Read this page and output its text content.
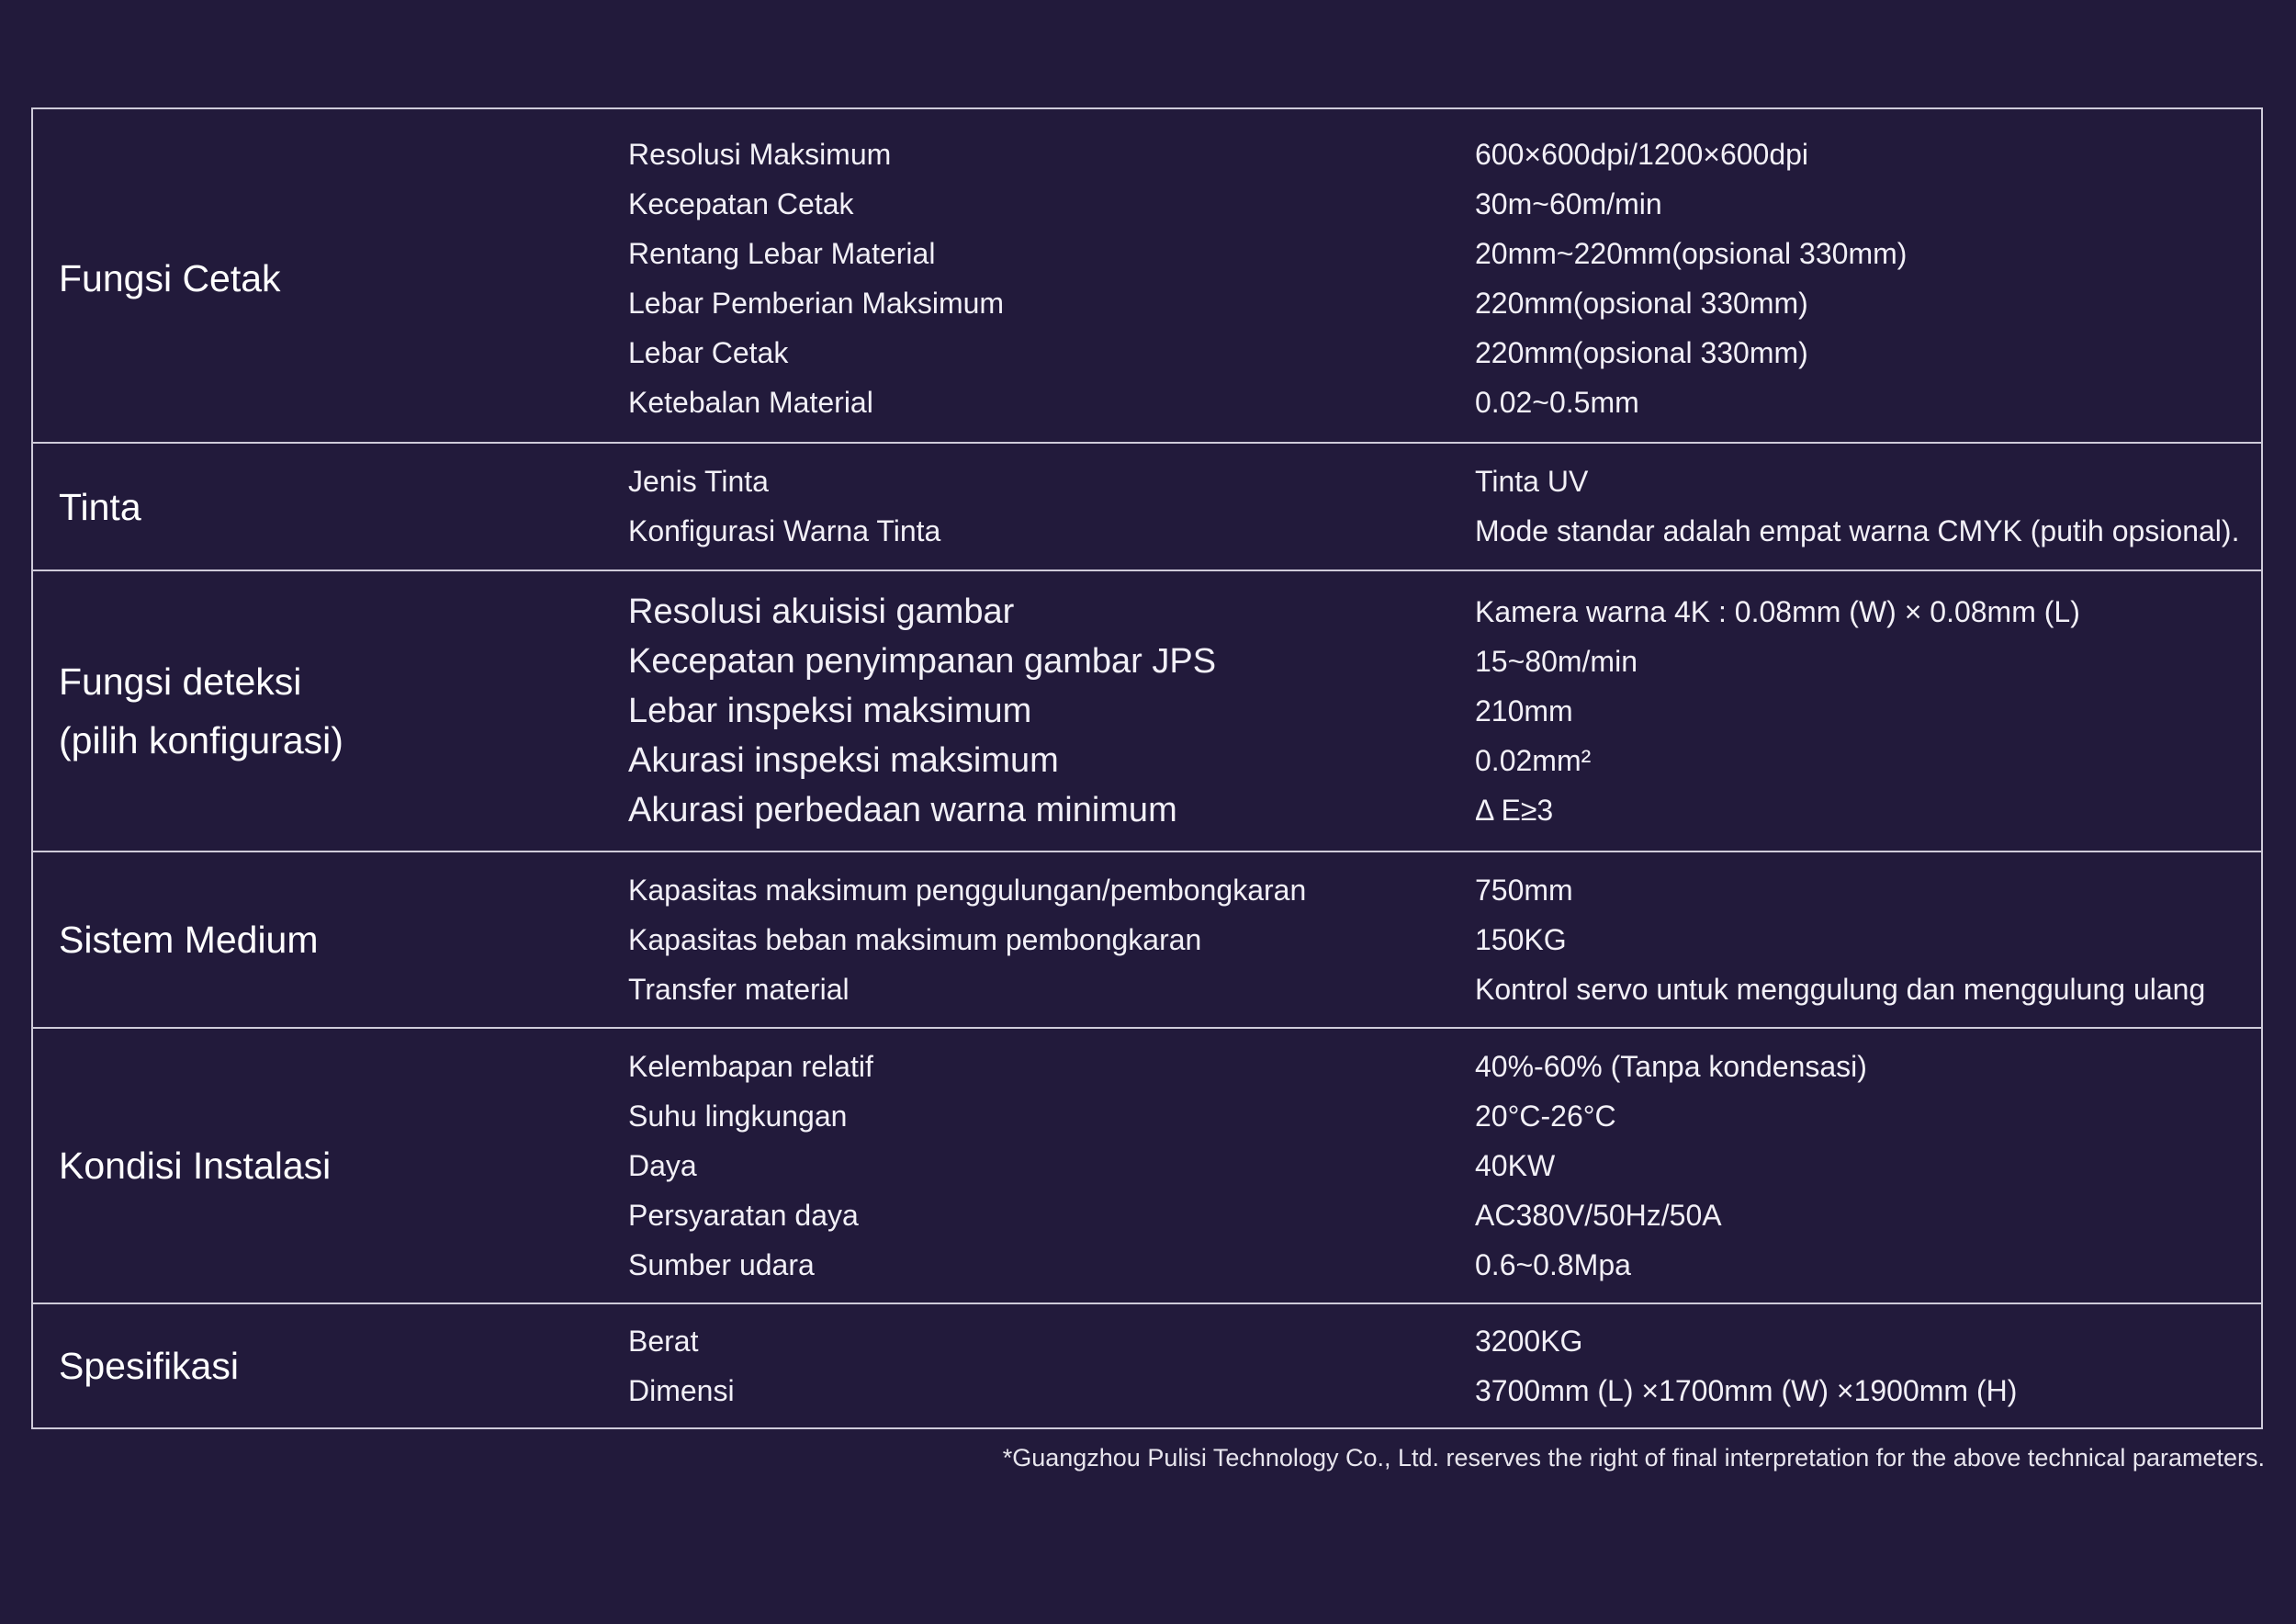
Fungsi Cetak
Resolusi Maksimum	600×600dpi/1200×600dpi
Kecepatan Cetak	30m~60m/min
Rentang Lebar Material	20mm~220mm(opsional 330mm)
Lebar Pemberian Maksimum	220mm(opsional 330mm)
Lebar Cetak	220mm(opsional 330mm)
Ketebalan Material	0.02~0.5mm
Tinta
Jenis Tinta	Tinta UV
Konfigurasi Warna Tinta	Mode standar adalah empat warna CMYK (putih opsional).
Fungsi deteksi
(pilih konfigurasi)
Resolusi akuisisi gambar	Kamera warna 4K : 0.08mm (W) × 0.08mm (L)
Kecepatan penyimpanan gambar JPS	15~80m/min
Lebar inspeksi maksimum	210mm
Akurasi inspeksi maksimum	0.02mm²
Akurasi perbedaan warna minimum	Δ E≥3
Sistem Medium
Kapasitas maksimum penggulungan/pembongkaran	750mm
Kapasitas beban maksimum pembongkaran	150KG
Transfer material	Kontrol servo untuk menggulung dan menggulung ulang
Kondisi Instalasi
Kelembapan relatif	40%-60% (Tanpa kondensasi)
Suhu lingkungan	20°C-26°C
Daya	40KW
Persyaratan daya	AC380V/50Hz/50A
Sumber udara	0.6~0.8Mpa
Spesifikasi
Berat	3200KG
Dimensi	3700mm (L) ×1700mm (W) ×1900mm (H)
*Guangzhou Pulisi Technology Co., Ltd. reserves the right of final interpretation for the above technical parameters.
